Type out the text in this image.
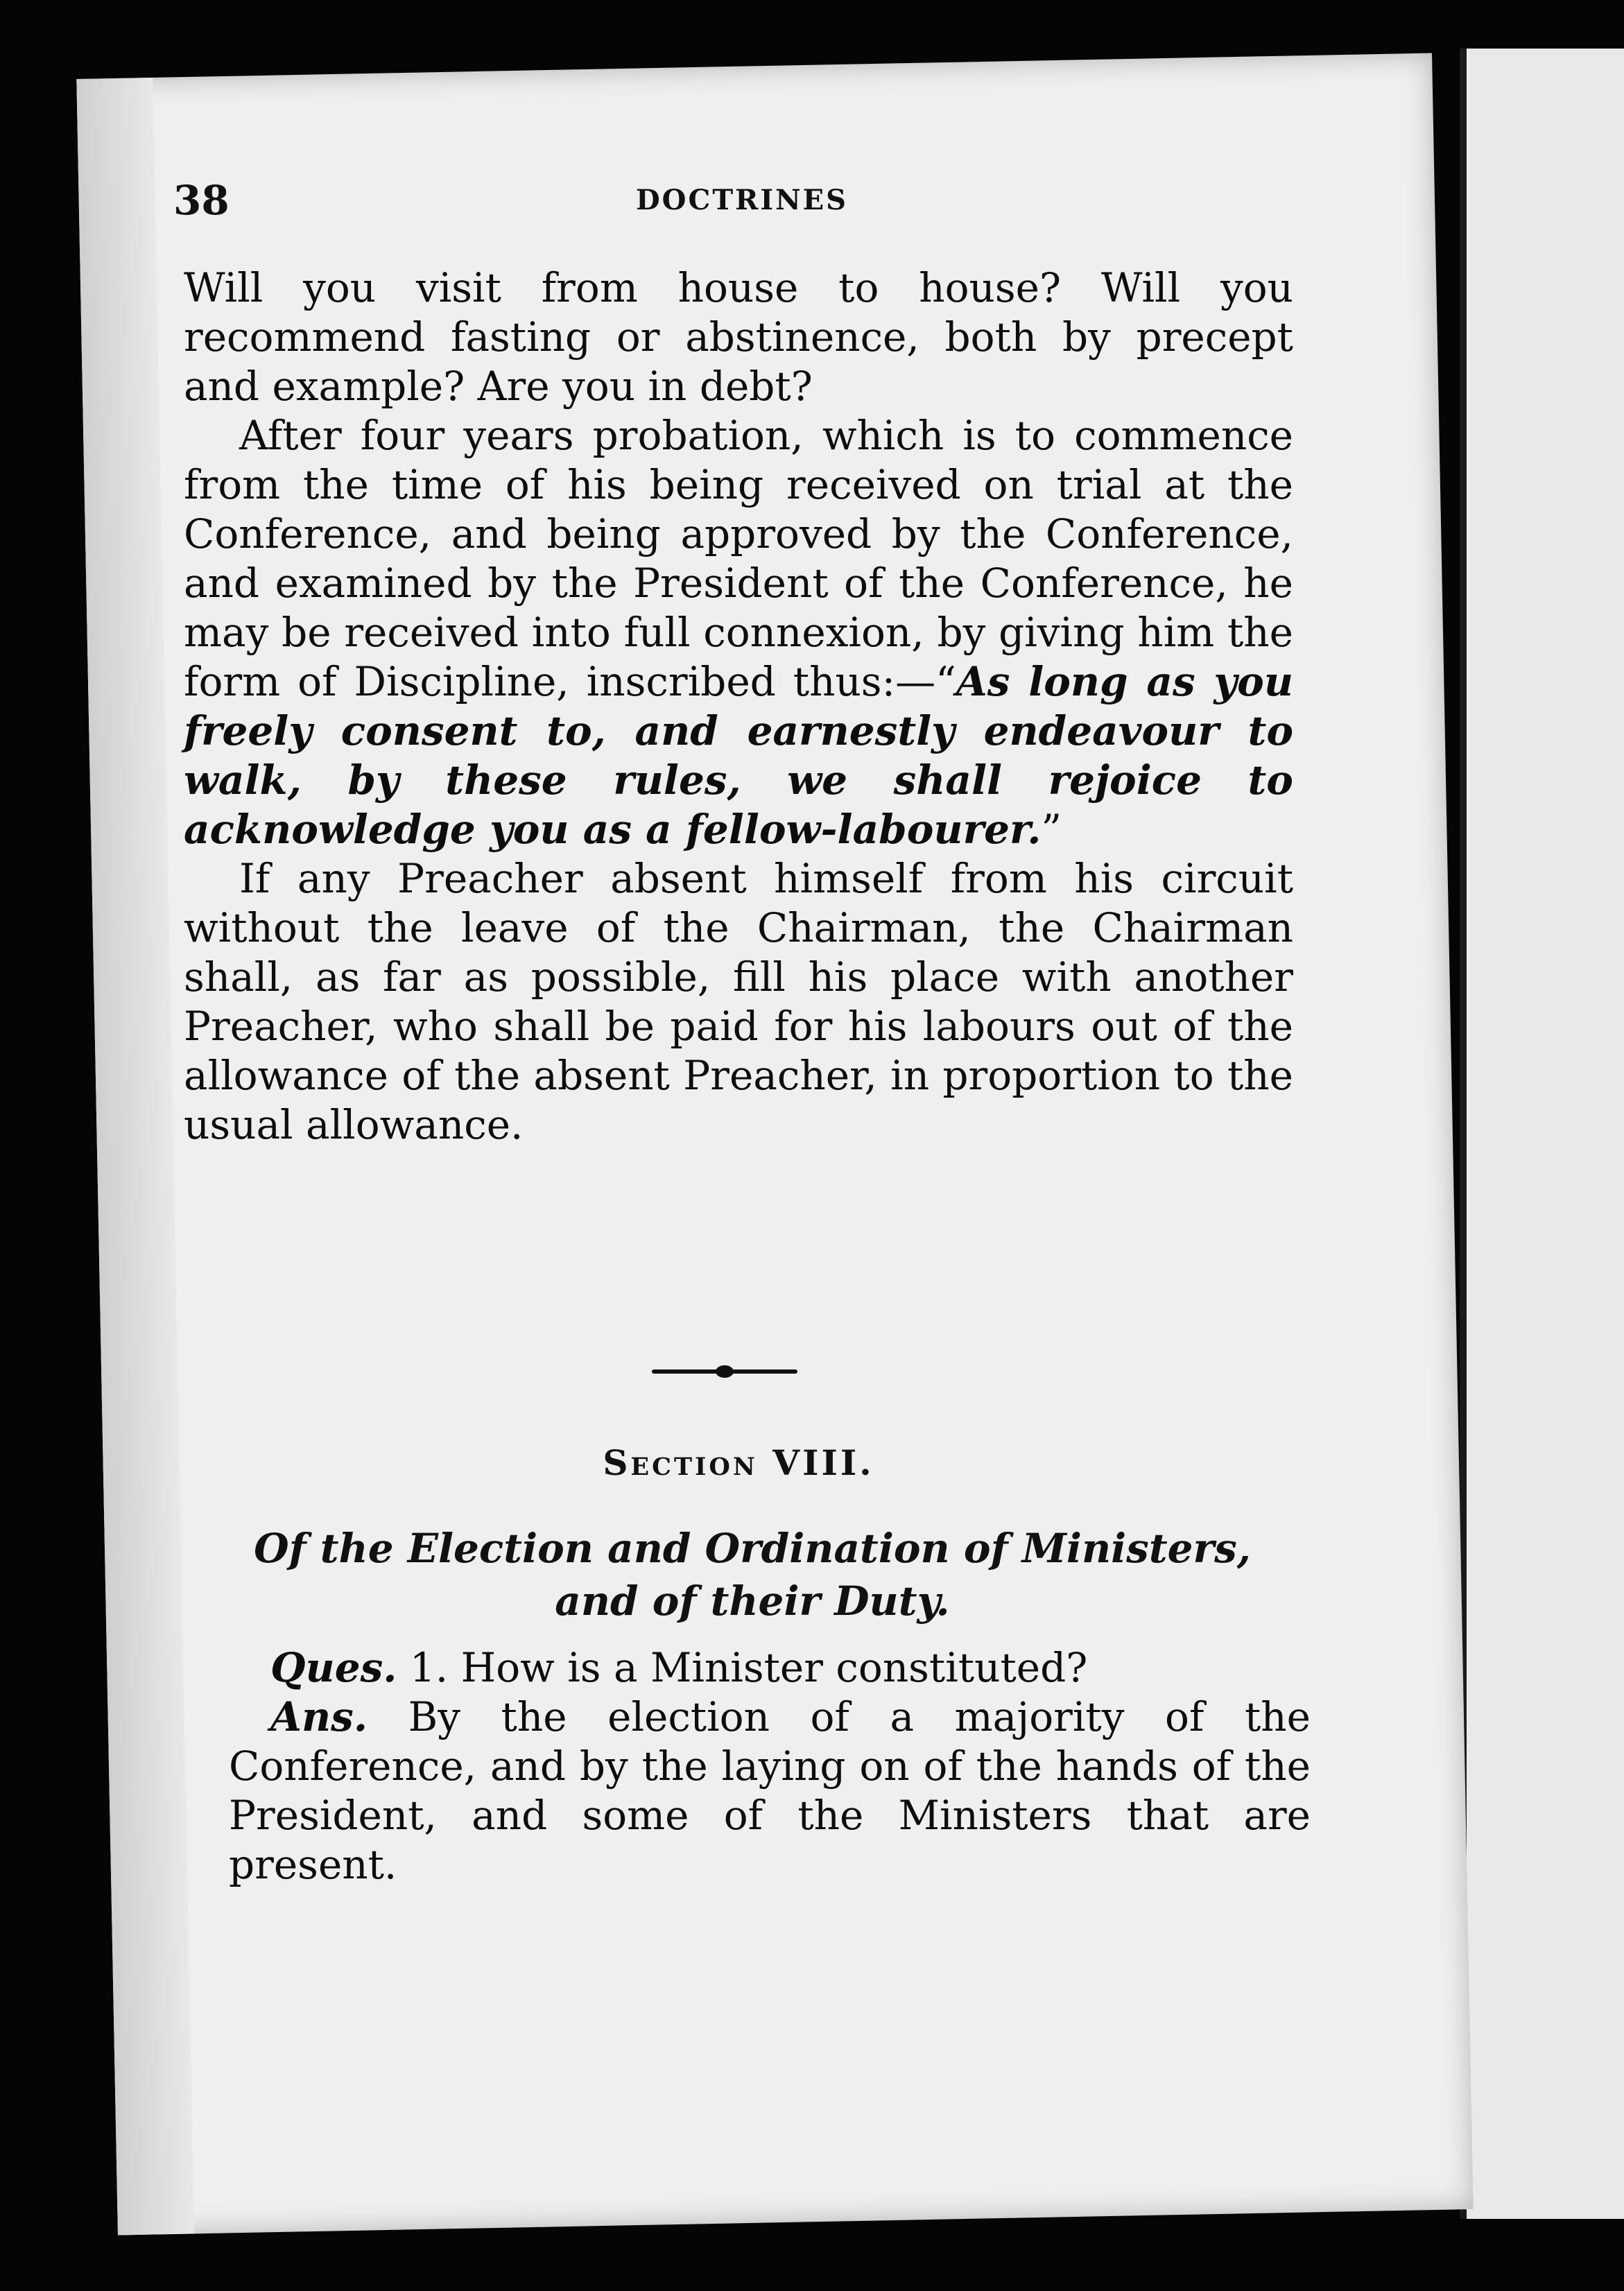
38	DOCTRINES

Will you visit from house to house? Will you recommend fasting or abstinence, both by precept and example? Are you in debt?

After four years probation, which is to commence from the time of his being received on trial at the Conference, and being approved by the Conference, and examined by the President of the Conference, he may be received into full connexion, by giving him the form of Discipline, inscribed thus:—“As long as you freely consent to, and earnestly endeavour to walk, by these rules, we shall rejoice to acknowledge you as a fellow-labourer.”

If any Preacher absent himself from his circuit without the leave of the Chairman, the Chairman shall, as far as possible, fill his place with another Preacher, who shall be paid for his labours out of the allowance of the absent Preacher, in proportion to the usual allowance.

Section VIII.
Of the Election and Ordination of Ministers,
and of their Duty.

Ques. 1. How is a Minister constituted?

Ans. By the election of a majority of the Conference, and by the laying on of the hands of the President, and some of the Ministers that are present.
